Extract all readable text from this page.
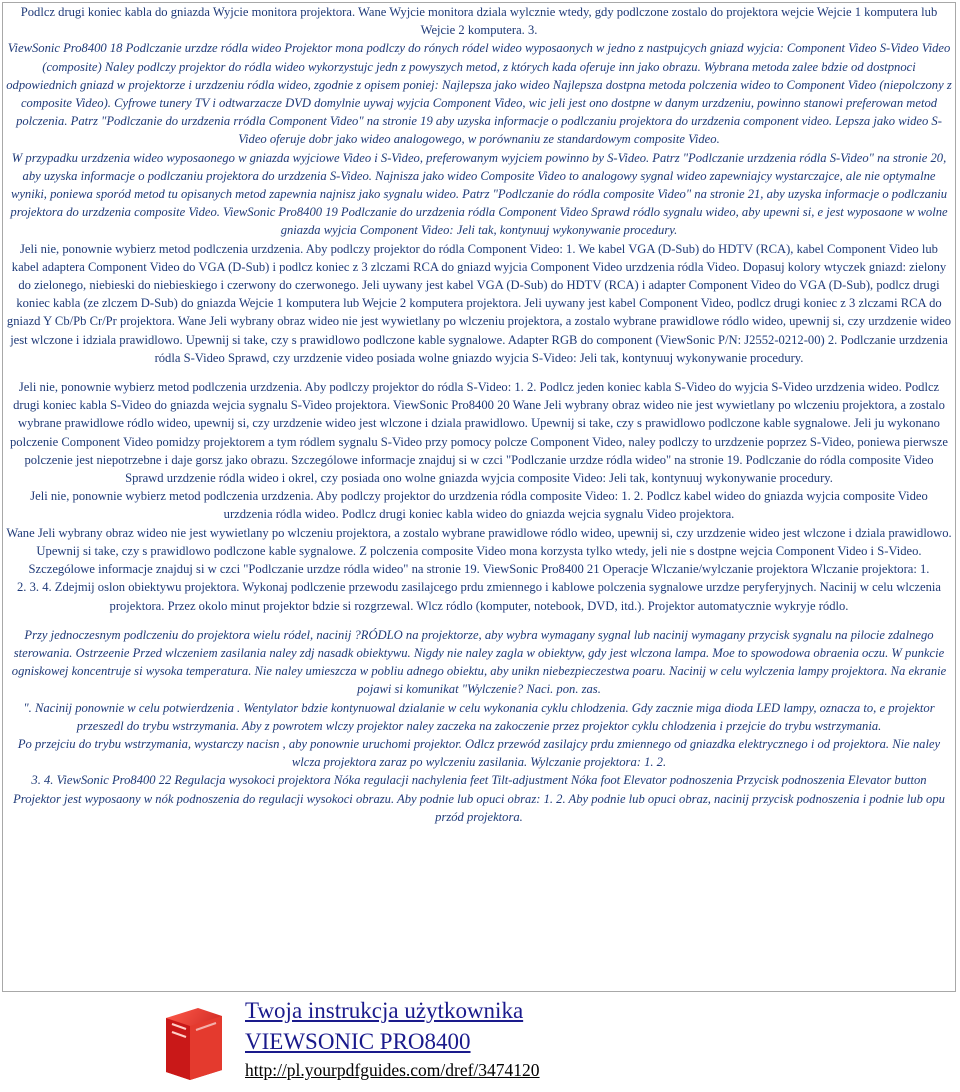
Podlcz drugi koniec kabla do gniazda Wyjcie monitora projektora. Wane Wyjcie monitora dziala wylcznie wtedy, gdy podlczone zostalo do projektora wejcie Wejcie 1 komputera lub Wejcie 2 komputera. 3.

ViewSonic Pro8400 18 Podlczanie urzdze ródla wideo Projektor mona podlczy do rónych ródel wideo wyposaonych w jedno z nastpujcych gniazd wyjcia: Component Video S-Video Video (composite) Naley podlczy projektor do ródla wideo wykorzystujc jedn z powyszych metod, z których kada oferuje inn jako obrazu. Wybrana metoda zalee bdzie od dostpnoci odpowiednich gniazd w projektorze i urzdzeniu ródla wideo, zgodnie z opisem poniej: Najlepsza jako wideo Najlepsza dostpna metoda polczenia wideo to Component Video (niepolczony z composite Video). Cyfrowe tunery TV i odtwarzacze DVD domylnie uywaj wyjcia Component Video, wic jeli jest ono dostpne w danym urzdzeniu, powinno stanowi preferowan metod polczenia. Patrz "Podlczanie do urzdzenia rródla Component Video" na stronie 19 aby uzyska informacje o podlczaniu projektora do urzdzenia component video. Lepsza jako wideo S-Video oferuje dobr jako wideo analogowego, w porównaniu ze standardowym composite Video.

W przypadku urzdzenia wideo wyposaonego w gniazda wyjciowe Video i S-Video, preferowanym wyjciem powinno by S-Video. Patrz "Podlczanie urzdzenia ródla S-Video" na stronie 20, aby uzyska informacje o podlczaniu projektora do urzdzenia S-Video. Najnisza jako wideo Composite Video to analogowy sygnal wideo zapewniajcy wystarczajce, ale nie optymalne wyniki, poniewa sporód metod tu opisanych metod zapewnia najnisz jako sygnalu wideo. Patrz "Podlczanie do ródla composite Video" na stronie 21, aby uzyska informacje o podlczaniu projektora do urzdzenia composite Video. ViewSonic Pro8400 19 Podlczanie do urzdzenia ródla Component Video Sprawd ródlo sygnalu wideo, aby upewni si, e jest wyposaone w wolne gniazda wyjcia Component Video: Jeli tak, kontynuuj wykonywanie procedury.

Jeli nie, ponownie wybierz metod podlczenia urzdzenia. Aby podlczy projektor do ródla Component Video: 1. We kabel VGA (D-Sub) do HDTV (RCA), kabel Component Video lub kabel adaptera Component Video do VGA (D-Sub) i podlcz koniec z 3 zlczami RCA do gniazd wyjcia Component Video urzdzenia ródla Video. Dopasuj kolory wtyczek gniazd: zielony do zielonego, niebieski do niebieskiego i czerwony do czerwonego. Jeli uywany jest kabel VGA (D-Sub) do HDTV (RCA) i adapter Component Video do VGA (D-Sub), podlcz drugi koniec kabla (ze zlczem D-Sub) do gniazda Wejcie 1 komputera lub Wejcie 2 komputera projektora. Jeli uywany jest kabel Component Video, podlcz drugi koniec z 3 zlczami RCA do gniazd Y Cb/Pb Cr/Pr projektora. Wane Jeli wybrany obraz wideo nie jest wywietlany po wlczeniu projektora, a zostalo wybrane prawidlowe ródlo wideo, upewnij si, czy urzdzenie wideo jest wlczone i idziala prawidlowo. Upewnij si take, czy s prawidlowo podlczone kable sygnalowe. Adapter RGB do component (ViewSonic P/N: J2552-0212-00) 2. Podlczanie urzdzenia ródla S-Video Sprawd, czy urzdzenie video posiada wolne gniazdo wyjcia S-Video: Jeli tak, kontynuuj wykonywanie procedury.

Jeli nie, ponownie wybierz metod podlczenia urzdzenia. Aby podlczy projektor do ródla S-Video: 1. 2. Podlcz jeden koniec kabla S-Video do wyjcia S-Video urzdzenia wideo. Podlcz drugi koniec kabla S-Video do gniazda wejcia sygnalu S-Video projektora. ViewSonic Pro8400 20 Wane Jeli wybrany obraz wideo nie jest wywietlany po wlczeniu projektora, a zostalo wybrane prawidlowe ródlo wideo, upewnij si, czy urzdzenie wideo jest wlczone i dziala prawidlowo. Upewnij si take, czy s prawidlowo podlczone kable sygnalowe. Jeli ju wykonano polczenie Component Video pomidzy projektorem a tym ródlem sygnalu S-Video przy pomocy polcze Component Video, naley podlczy to urzdzenie poprzez S-Video, poniewa pierwsze polczenie jest niepotrzebne i daje gorsz jako obrazu. Szczególowe informacje znajduj si w czci "Podlczanie urzdze ródla wideo" na stronie 19. Podlczanie do ródla composite Video Sprawd urzdzenie ródla wideo i okrel, czy posiada ono wolne gniazda wyjcia composite Video: Jeli tak, kontynuuj wykonywanie procedury.

Jeli nie, ponownie wybierz metod podlczenia urzdzenia. Aby podlczy projektor do urzdzenia ródla composite Video: 1. 2. Podlcz kabel wideo do gniazda wyjcia composite Video urzdzenia ródla wideo. Podlcz drugi koniec kabla wideo do gniazda wejcia sygnalu Video projektora.

Wane Jeli wybrany obraz wideo nie jest wywietlany po wlczeniu projektora, a zostalo wybrane prawidlowe ródlo wideo, upewnij si, czy urzdzenie wideo jest wlczone i dziala prawidlowo. Upewnij si take, czy s prawidlowo podlczone kable sygnalowe. Z polczenia composite Video mona korzysta tylko wtedy, jeli nie s dostpne wejcia Component Video i S-Video. Szczególowe informacje znajduj si w czci "Podlczanie urzdze ródla wideo" na stronie 19. ViewSonic Pro8400 21 Operacje Wlczanie/wylczanie projektora Wlczanie projektora: 1.

2. 3. 4. Zdejmij oslon obiektywu projektora. Wykonaj podlczenie przewodu zasilajcego prdu zmiennego i kablowe polczenia sygnalowe urzdze peryferyjnych. Nacinij w celu wlczenia projektora. Przez okolo minut projektor bdzie si rozgrzewal. Wlcz ródlo (komputer, notebook, DVD, itd.). Projektor automatycznie wykryje ródlo.

Przy jednoczesnym podlczeniu do projektora wielu ródel, nacinij ?RÓDLO na projektorze, aby wybra wymagany sygnal lub nacinij wymagany przycisk sygnalu na pilocie zdalnego sterowania. Ostrzeenie Przed wlczeniem zasilania naley zdj nasadk obiektywu. Nigdy nie naley zagla w obiektyw, gdy jest wlczona lampa. Moe to spowodowa obraenia oczu. W punkcie ogniskowej koncentruje si wysoka temperatura. Nie naley umieszcza w pobliu adnego obiektu, aby unikn niebezpieczestwa poaru. Nacinij w celu wylczenia lampy projektora. Na ekranie pojawi si komunikat "Wylczenie? Naci. pon. zas.

". Nacinij ponownie w celu potwierdzenia . Wentylator bdzie kontynuowal dzialanie w celu wykonania cyklu chlodzenia. Gdy zacznie miga dioda LED lampy, oznacza to, e projektor przeszedl do trybu wstrzymania. Aby z powrotem wlczy projektor naley zaczeka na zakoczenie przez projektor cyklu chlodzenia i przejcie do trybu wstrzymania.

Po przejciu do trybu wstrzymania, wystarczy nacisn , aby ponownie uruchomi projektor. Odlcz przewód zasilajcy prdu zmiennego od gniazdka elektrycznego i od projektora. Nie naley wlcza projektora zaraz po wylczeniu zasilania. Wylczanie projektora: 1. 2.

3. 4. ViewSonic Pro8400 22 Regulacja wysokoci projektora Nóka regulacji nachylenia feet Tilt-adjustment Nóka foot Elevator podnoszenia Przycisk podnoszenia Elevator button Projektor jest wyposaony w nók podnoszenia do regulacji wysokoci obrazu. Aby podnie lub opuci obraz: 1. 2. Aby podnie lub opuci obraz, nacinij przycisk podnoszenia i podnie lub opu przód projektora.

Twoja instrukcja użytkownika
VIEWSONIC PRO8400
http://pl.yourpdfguides.com/dref/3474120
